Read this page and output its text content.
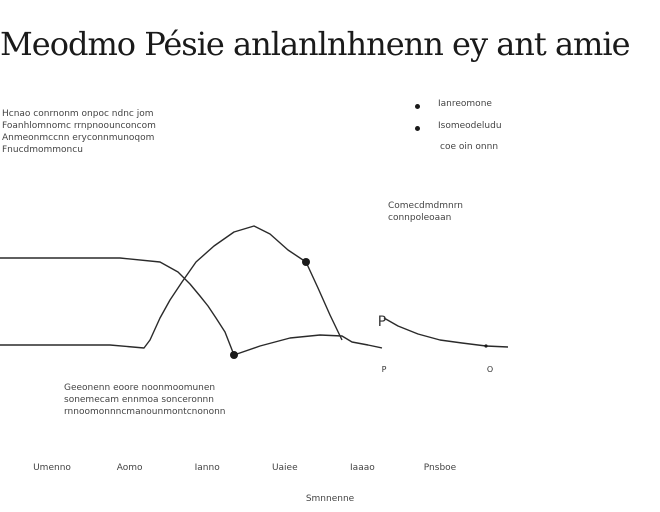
Meodmo Pésie anlanlnhnenn ey ant amie
Hcnao conrnonm onpoc ndnc jom
Foanhlomnomc rrnpnoounconcom
Anmeonmccnn eryconnmunoqom
Fnucdmommoncu
Ianreomone
Isomeodeludu
coe oin onnn
Comecdmdmnrn
connpoleoaan
Geeonenn eoore noonmoomunen
sonemecam ennmoa sonceronnn
rnnoomonnncmanounmontcnononn
Umenno	Aomo	Ianno	Uaiee	Iaaao	Pnsboe
P
P	O
Smnnenne
